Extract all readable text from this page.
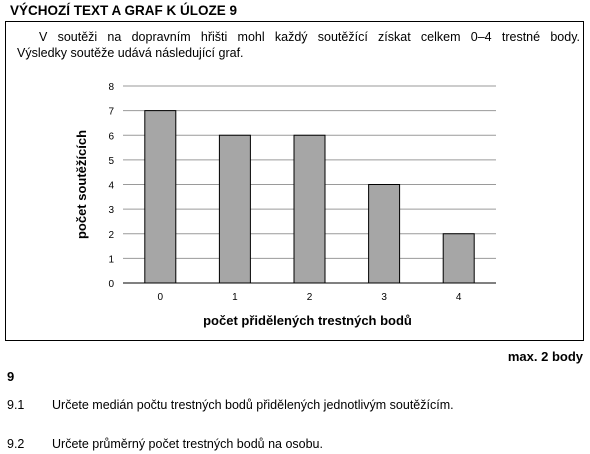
VÝCHOZÍ TEXT A GRAF K ÚLOZE 9

V soutěži na dopravním hřišti mohl každý soutěžící získat celkem 0–4 trestné body.

Výsledky soutěže udává následující graf.

0
1
2
3
4
5
6
7
8
0	1	2	3	4
počet soutěžících
počet přidělených trestných bodů
max. 2 body
9
9.1 Určete medián počtu trestných bodů přidělených jednotlivým soutěžícím.
9.2 Určete průměrný počet trestných bodů na osobu.
